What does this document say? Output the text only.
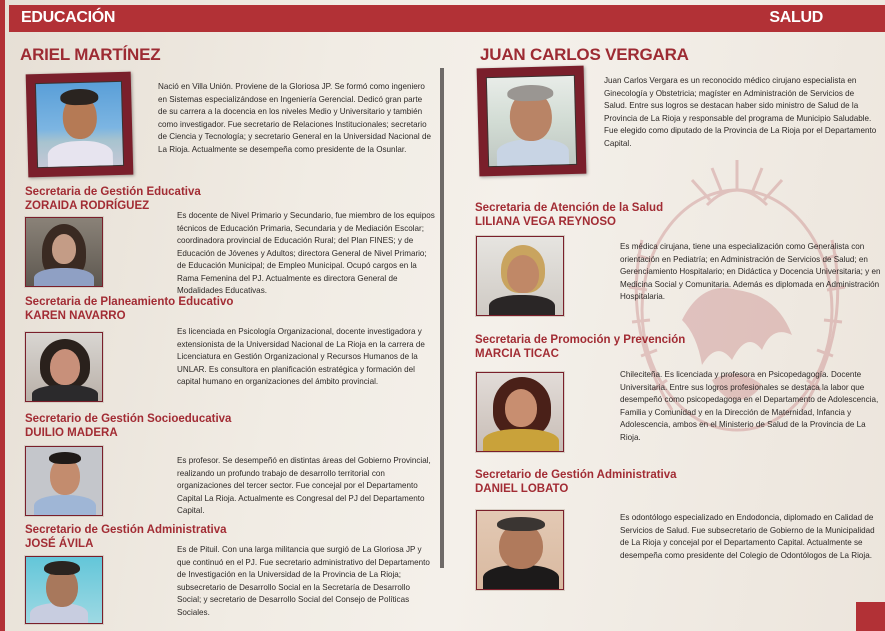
EDUCACIÓN	SALUD
ARIEL MARTÍNEZ
Nació en Villa Unión. Proviene de la Gloriosa JP. Se formó como ingeniero en Sistemas especializándose en Ingeniería Gerencial. Dedicó gran parte de su carrera a la docencia en los niveles Medio y Universitario y también como investigador. Fue secretario de Relaciones Institucionales; secretario de Ciencia y Tecnología; y secretario General en la Universidad Nacional de La Rioja. Actualmente se desempeña como presidente de la Osunlar.
Secretaria de Gestión Educativa
ZORAIDA RODRÍGUEZ
Es docente de Nivel Primario y Secundario, fue miembro de los equipos técnicos de Educación Primaria, Secundaria y de Mediación Escolar; coordinadora provincial de Educación Rural; del Plan FINES; y de Educación de Jóvenes y Adultos; directora General de Nivel Primario; de Educación Municipal; de Empleo Municipal. Ocupó cargos en la Rama Femenina del PJ. Actualmente es directora General de Modalidades Educativas.
Secretaria de Planeamiento Educativo
KAREN NAVARRO
Es licenciada en Psicología Organizacional, docente investigadora y extensionista de la Universidad Nacional de La Rioja en la carrera de Licenciatura en Gestión Organizacional y Recursos Humanos de la UNLAR. Es consultora en planificación estratégica y formación del capital humano en organizaciones del ámbito provincial.
Secretario de Gestión Socioeducativa
DUILIO MADERA
Es profesor. Se desempeñó en distintas áreas del Gobierno Provincial, realizando un profundo trabajo de desarrollo territorial con organizaciones del tercer sector. Fue concejal por el Departamento Capital La Rioja. Actualmente es Congresal del PJ del Departamento Capital.
Secretario de Gestión Administrativa
JOSÉ ÁVILA	Es de Pituil. Con una larga militancia que surgió de La Gloriosa JP y que continuó en el PJ. Fue secretario administrativo del Departamento de Investigación en la Universidad de la Provincia de La Rioja; subsecretario de Desarrollo Social en la Secretaría de Desarrollo Social; y secretario de Desarrollo Social del Consejo de Políticas Sociales.
JUAN CARLOS VERGARA
Juan Carlos Vergara es un reconocido médico cirujano especialista en Ginecología y Obstetricia; magíster en Administración de Servicios de Salud. Entre sus logros se destacan haber sido ministro de Salud de la Provincia de La Rioja y responsable del programa de Municipio Saludable. Fue elegido como diputado de la Provincia de La Rioja por el Departamento Capital.
Secretaria de Atención de la Salud
LILIANA VEGA REYNOSO
Es médica cirujana, tiene una especialización como Generalista con orientación en Pediatría; en Administración de Servicios de Salud; en Gerenciamiento Hospitalario; en Didáctica y Docencia Universitaria; y en Medicina Social y Comunitaria. Además es diplomada en Administración Hospitalaria.
Secretaria de Promoción y Prevención
MARCIA TICAC
Chileciteña. Es licenciada y profesora en Psicopedagogía. Docente Universitaria. Entre sus logros profesionales se destaca la labor que desempeñó como psicopedagoga en el Departamento de Adolescencia, Familia y Comunidad y en la Dirección de Maternidad, Infancia y Adolescencia, ambos en el Ministerio de Salud de la Provincia de La Rioja.
Secretario de Gestión Administrativa
DANIEL LOBATO
Es odontólogo especializado en Endodoncia, diplomado en Calidad de Servicios de Salud. Fue subsecretario de Gobierno de la Municipalidad de La Rioja y concejal por el Departamento Capital. Actualmente se desempeña como presidente del Colegio de Odontólogos de La Rioja.
